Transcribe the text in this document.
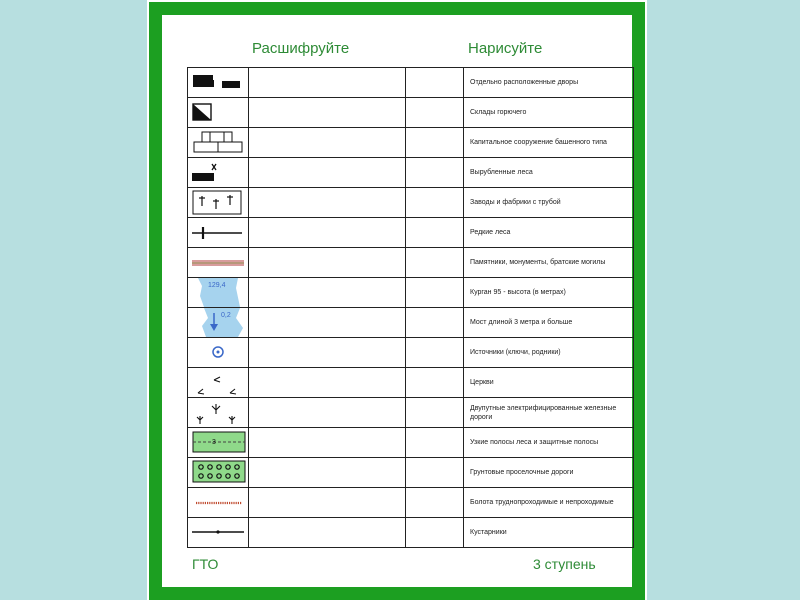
Расшифруйте	Нарисуйте
			Отдельно расположенные дворы

			Склады горючего

			Капитальное сооружение башенного типа

			Вырубленные леса

			Заводы и фабрики с трубой

			Редкие леса

			Памятники, монументы, братские могилы

129,4			Курган 95 - высота (в метрах)

0,2			Мост длиной 3 метра и больше

			Источники (ключи, родники)

			Церкви

			Двупутные электрифицированные железные дороги

3			Узкие полосы леса и защитные полосы

			Грунтовые проселочные дороги

			Болота труднопроходимые и непроходимые

			Кустарники
ГТО	3 ступень
